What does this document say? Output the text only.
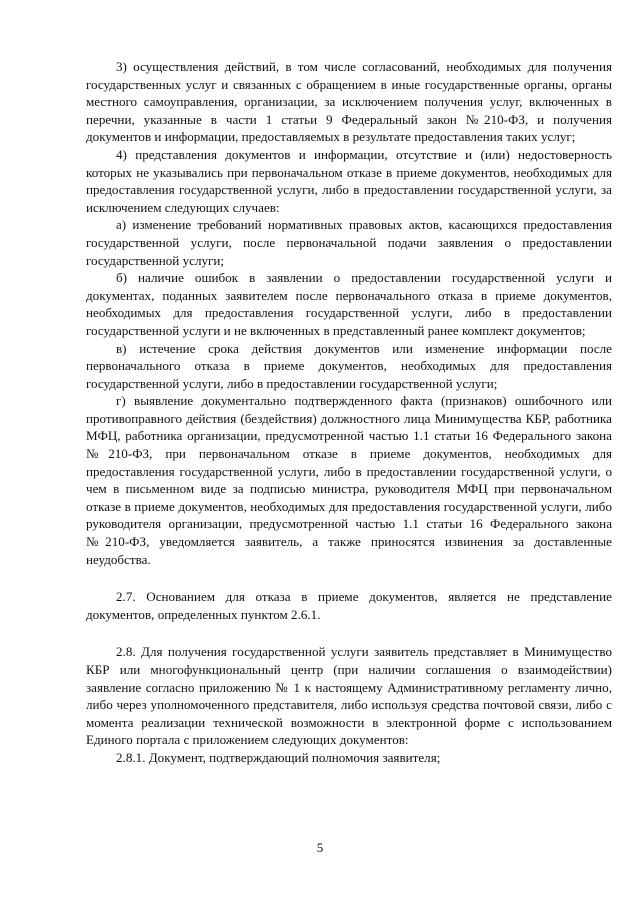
3) осуществления действий, в том числе согласований, необходимых для получения государственных услуг и связанных с обращением в иные государственные органы, органы местного самоуправления, организации, за исключением получения услуг, включенных в перечни, указанные в части 1 статьи 9 Федеральный закон №210-ФЗ, и получения документов и информации, предоставляемых в результате предоставления таких услуг;

4) представления документов и информации, отсутствие и (или) недостоверность которых не указывались при первоначальном отказе в приеме документов, необходимых для предоставления государственной услуги, либо в предоставлении государственной услуги, за исключением следующих случаев:

а) изменение требований нормативных правовых актов, касающихся предоставления государственной услуги, после первоначальной подачи заявления о предоставлении государственной услуги;

б) наличие ошибок в заявлении о предоставлении государственной услуги и документах, поданных заявителем после первоначального отказа в приеме документов, необходимых для предоставления государственной услуги, либо в предоставлении государственной услуги и не включенных в представленный ранее комплект документов;

в) истечение срока действия документов или изменение информации после первоначального отказа в приеме документов, необходимых для предоставления государственной услуги, либо в предоставлении государственной услуги;

г) выявление документально подтвержденного факта (признаков) ошибочного или противоправного действия (бездействия) должностного лица Минимущества КБР, работника МФЦ, работника организации, предусмотренной частью 1.1 статьи 16 Федерального закона №210-ФЗ, при первоначальном отказе в приеме документов, необходимых для предоставления государственной услуги, либо в предоставлении государственной услуги, о чем в письменном виде за подписью министра, руководителя МФЦ при первоначальном отказе в приеме документов, необходимых для предоставления государственной услуги, либо руководителя организации, предусмотренной частью 1.1 статьи 16 Федерального закона №210-ФЗ, уведомляется заявитель, а также приносятся извинения за доставленные неудобства.

2.7. Основанием для отказа в приеме документов, является не представление документов, определенных пунктом 2.6.1.

2.8. Для получения государственной услуги заявитель представляет в Минимущество КБР или многофункциональный центр (при наличии соглашения о взаимодействии) заявление согласно приложению № 1 к настоящему Административному регламенту лично, либо через уполномоченного представителя, либо используя средства почтовой связи, либо с момента реализации технической возможности в электронной форме с использованием Единого портала с приложением следующих документов:

2.8.1. Документ, подтверждающий полномочия заявителя;

5
